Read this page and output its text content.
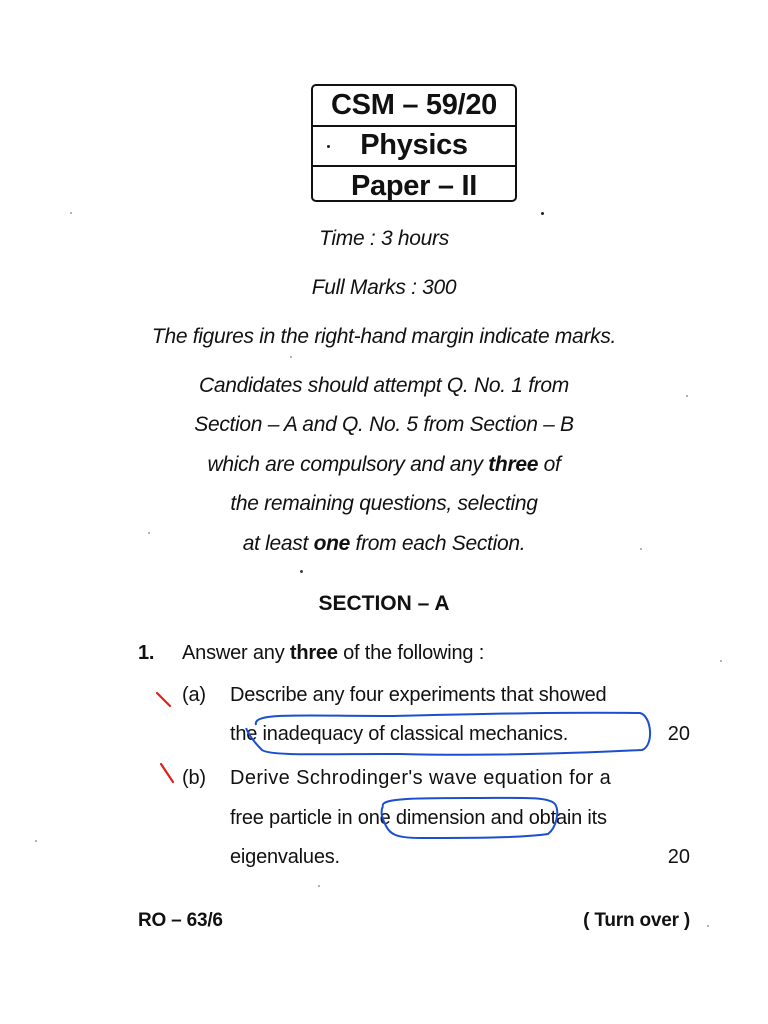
CSM – 59/20
Physics
Paper – II
Time : 3 hours
Full Marks : 300
The figures in the right-hand margin indicate marks.
Candidates should attempt Q. No. 1 from
Section – A and Q. No. 5 from Section – B
which are compulsory and any three of
the remaining questions, selecting
at least one from each Section.
SECTION – A
1. Answer any three of the following :
(a) Describe any four experiments that showed
the inadequacy of classical mechanics.	20
(b) Derive Schrodinger's wave equation for a
free particle in one dimension and obtain its
eigenvalues.	20
RO – 63/6	( Turn over )
